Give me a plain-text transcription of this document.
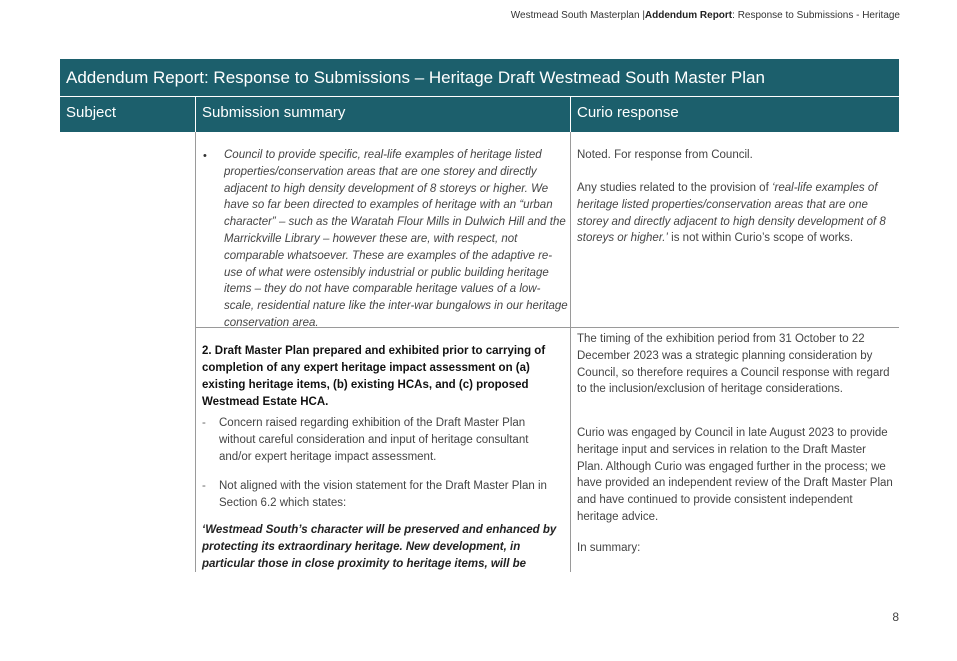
Westmead South Masterplan |Addendum Report: Response to Submissions - Heritage
Addendum Report: Response to Submissions – Heritage Draft Westmead South Master Plan
Subject	Submission summary	Curio response
• Council to provide specific, real-life examples of heritage listed properties/conservation areas that are one storey and directly adjacent to high density development of 8 storeys or higher. We have so far been directed to examples of heritage with an “urban character” – such as the Waratah Flour Mills in Dulwich Hill and the Marrickville Library – however these are, with respect, not comparable whatsoever. These are examples of the adaptive re-use of what were ostensibly industrial or public building heritage items – they do not have comparable heritage values of a low-scale, residential nature like the inter-war bungalows in our heritage conservation area.
Noted. For response from Council.
Any studies related to the provision of ‘real-life examples of heritage listed properties/conservation areas that are one storey and directly adjacent to high density development of 8 storeys or higher.’ is not within Curio’s scope of works.
2. Draft Master Plan prepared and exhibited prior to carrying of completion of any expert heritage impact assessment on (a) existing heritage items, (b) existing HCAs, and (c) proposed Westmead Estate HCA.
- Concern raised regarding exhibition of the Draft Master Plan without careful consideration and input of heritage consultant and/or expert heritage impact assessment.
- Not aligned with the vision statement for the Draft Master Plan in Section 6.2 which states:
‘Westmead South’s character will be preserved and enhanced by protecting its extraordinary heritage. New development, in particular those in close proximity to heritage items, will be
The timing of the exhibition period from 31 October to 22 December 2023 was a strategic planning consideration by Council, so therefore requires a Council response with regard to the inclusion/exclusion of heritage considerations.
Curio was engaged by Council in late August 2023 to provide heritage input and services in relation to the Draft Master Plan. Although Curio was engaged further in the process; we have provided an independent review of the Draft Master Plan and have continued to provide consistent independent heritage advice.
In summary:
8
